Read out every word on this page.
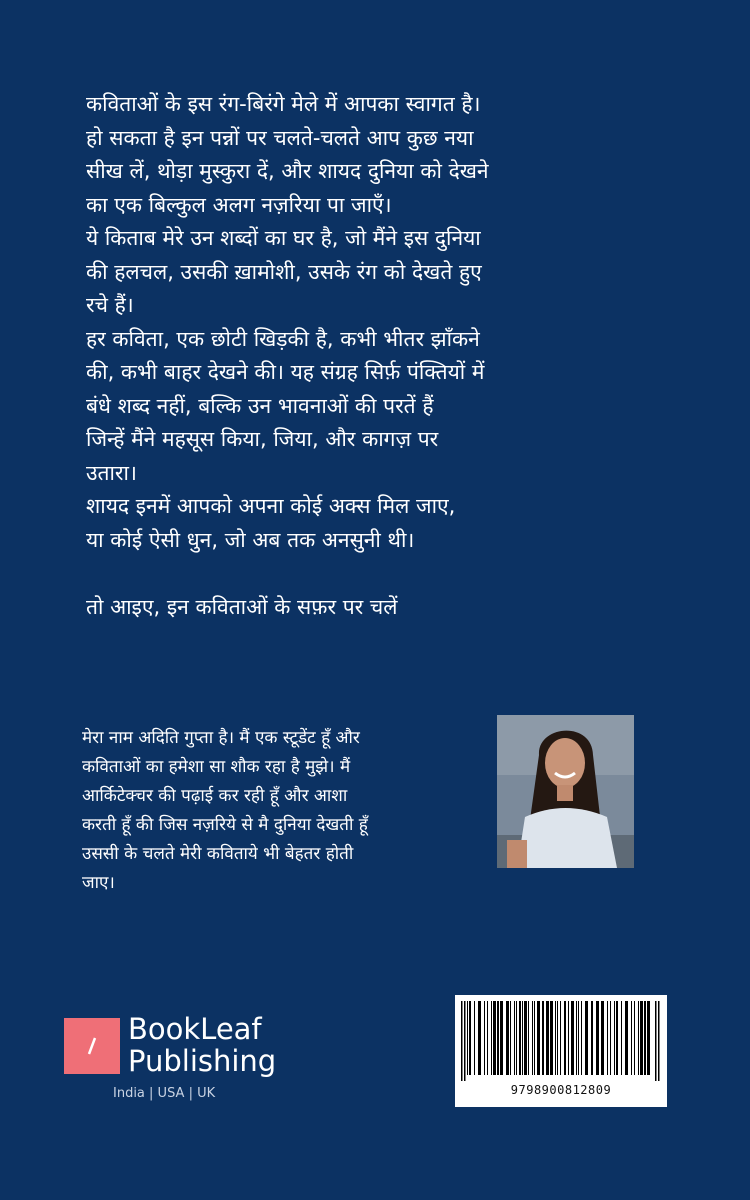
कविताओं के इस रंग-बिरंगे मेले में आपका स्वागत है।
हो सकता है इन पन्नों पर चलते-चलते आप कुछ नया
सीख लें, थोड़ा मुस्कुरा दें, और शायद दुनिया को देखने
का एक बिल्कुल अलग नज़रिया पा जाएँ।
ये किताब मेरे उन शब्दों का घर है, जो मैंने इस दुनिया
की हलचल, उसकी ख़ामोशी, उसके रंग को देखते हुए
रचे हैं।
हर कविता, एक छोटी खिड़की है, कभी भीतर झाँकने
की, कभी बाहर देखने की। यह संग्रह सिर्फ़ पंक्तियों में
बंधे शब्द नहीं, बल्कि उन भावनाओं की परतें हैं
जिन्हें मैंने महसूस किया, जिया, और कागज़ पर
उतारा।
शायद इनमें आपको अपना कोई अक्स मिल जाए,
या कोई ऐसी धुन, जो अब तक अनसुनी थी।
तो आइए, इन कविताओं के सफ़र पर चलें
मेरा नाम अदिति गुप्ता है। मैं एक स्टूडेंट हूँ और
कविताओं का हमेशा सा शौक रहा है मुझे। मैं
आर्किटेक्चर की पढ़ाई कर रही हूँ और आशा
करती हूँ की जिस नज़रिये से मै दुनिया देखती हूँ
उससी के चलते मेरी कविताये भी बेहतर होती
जाए।
BookLeaf
Publishing
India | USA | UK	9798900812809
